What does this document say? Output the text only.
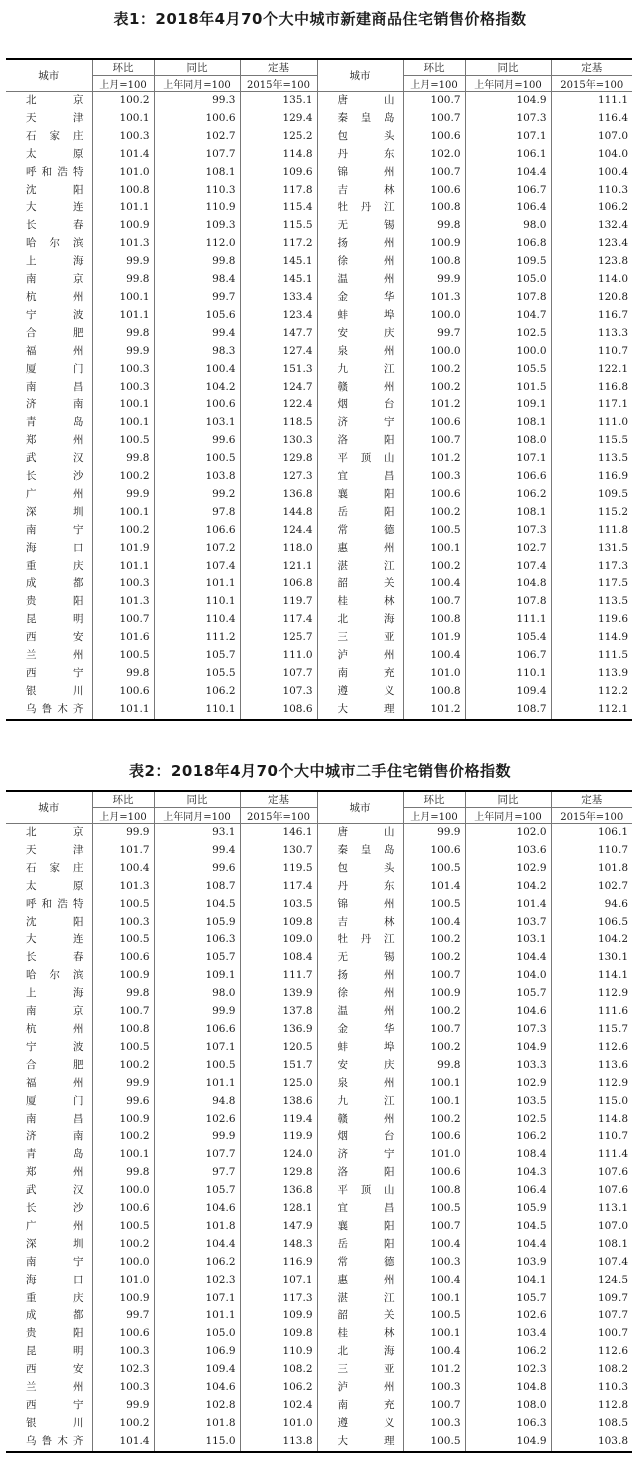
表1：2018年4月70个大中城市新建商品住宅销售价格指数
城市	环比	同比	定基	城市	环比	同比	定基
	上月=100	上年同月=100	2015年=100		上月=100	上年同月=100	2015年=100
北京	100.2	99.3	135.1	唐山	100.7	104.9	111.1
天津	100.1	100.6	129.4	秦皇岛	100.7	107.3	116.4
石家庄	100.3	102.7	125.2	包头	100.6	107.1	107.0
太原	101.4	107.7	114.8	丹东	102.0	106.1	104.0
呼和浩特	101.0	108.1	109.6	锦州	100.7	104.4	100.4
沈阳	100.8	110.3	117.8	吉林	100.6	106.7	110.3
大连	101.1	110.9	115.4	牡丹江	100.8	106.4	106.2
长春	100.9	109.3	115.5	无锡	99.8	98.0	132.4
哈尔滨	101.3	112.0	117.2	扬州	100.9	106.8	123.4
上海	99.9	99.8	145.1	徐州	100.8	109.5	123.8
南京	99.8	98.4	145.1	温州	99.9	105.0	114.0
杭州	100.1	99.7	133.4	金华	101.3	107.8	120.8
宁波	101.1	105.6	123.4	蚌埠	100.0	104.7	116.7
合肥	99.8	99.4	147.7	安庆	99.7	102.5	113.3
福州	99.9	98.3	127.4	泉州	100.0	100.0	110.7
厦门	100.3	100.4	151.3	九江	100.2	105.5	122.1
南昌	100.3	104.2	124.7	赣州	100.2	101.5	116.8
济南	100.1	100.6	122.4	烟台	101.2	109.1	117.1
青岛	100.1	103.1	118.5	济宁	100.6	108.1	111.0
郑州	100.5	99.6	130.3	洛阳	100.7	108.0	115.5
武汉	99.8	100.5	129.8	平顶山	101.2	107.1	113.5
长沙	100.2	103.8	127.3	宜昌	100.3	106.6	116.9
广州	99.9	99.2	136.8	襄阳	100.6	106.2	109.5
深圳	100.1	97.8	144.8	岳阳	100.2	108.1	115.2
南宁	100.2	106.6	124.4	常德	100.5	107.3	111.8
海口	101.9	107.2	118.0	惠州	100.1	102.7	131.5
重庆	101.1	107.4	121.1	湛江	100.2	107.4	117.3
成都	100.3	101.1	106.8	韶关	100.4	104.8	117.5
贵阳	101.3	110.1	119.7	桂林	100.7	107.8	113.5
昆明	100.7	110.4	117.4	北海	100.8	111.1	119.6
西安	101.6	111.2	125.7	三亚	101.9	105.4	114.9
兰州	100.5	105.7	111.0	泸州	100.4	106.7	111.5
西宁	99.8	105.5	107.7	南充	101.0	110.1	113.9
银川	100.6	106.2	107.3	遵义	100.8	109.4	112.2
乌鲁木齐	101.1	110.1	108.6	大理	101.2	108.7	112.1
表2：2018年4月70个大中城市二手住宅销售价格指数
城市	环比	同比	定基	城市	环比	同比	定基
	上月=100	上年同月=100	2015年=100		上月=100	上年同月=100	2015年=100
北京	99.9	93.1	146.1	唐山	99.9	102.0	106.1
天津	101.7	99.4	130.7	秦皇岛	100.6	103.6	110.7
石家庄	100.4	99.6	119.5	包头	100.5	102.9	101.8
太原	101.3	108.7	117.4	丹东	101.4	104.2	102.7
呼和浩特	100.5	104.5	103.5	锦州	100.5	101.4	94.6
沈阳	100.3	105.9	109.8	吉林	100.4	103.7	106.5
大连	100.5	106.3	109.0	牡丹江	100.2	103.1	104.2
长春	100.6	105.7	108.4	无锡	100.2	104.4	130.1
哈尔滨	100.9	109.1	111.7	扬州	100.7	104.0	114.1
上海	99.8	98.0	139.9	徐州	100.9	105.7	112.9
南京	100.7	99.9	137.8	温州	100.2	104.6	111.6
杭州	100.8	106.6	136.9	金华	100.7	107.3	115.7
宁波	100.5	107.1	120.5	蚌埠	100.2	104.9	112.6
合肥	100.2	100.5	151.7	安庆	99.8	103.3	113.6
福州	99.9	101.1	125.0	泉州	100.1	102.9	112.9
厦门	99.6	94.8	138.6	九江	100.1	103.5	115.0
南昌	100.9	102.6	119.4	赣州	100.2	102.5	114.8
济南	100.2	99.9	119.9	烟台	100.6	106.2	110.7
青岛	100.1	107.7	124.0	济宁	101.0	108.4	111.4
郑州	99.8	97.7	129.8	洛阳	100.6	104.3	107.6
武汉	100.0	105.7	136.8	平顶山	100.8	106.4	107.6
长沙	100.6	104.6	128.1	宜昌	100.5	105.9	113.1
广州	100.5	101.8	147.9	襄阳	100.7	104.5	107.0
深圳	100.2	104.4	148.3	岳阳	100.4	104.4	108.1
南宁	100.0	106.2	116.9	常德	100.3	103.9	107.4
海口	101.0	102.3	107.1	惠州	100.4	104.1	124.5
重庆	100.9	107.1	117.3	湛江	100.1	105.7	109.7
成都	99.7	101.1	109.9	韶关	100.5	102.6	107.7
贵阳	100.6	105.0	109.8	桂林	100.1	103.4	100.7
昆明	100.3	106.9	110.9	北海	100.4	106.2	112.6
西安	102.3	109.4	108.2	三亚	101.2	102.3	108.2
兰州	100.3	104.6	106.2	泸州	100.3	104.8	110.3
西宁	99.9	102.8	102.4	南充	100.7	108.0	112.8
银川	100.2	101.8	101.0	遵义	100.3	106.3	108.5
乌鲁木齐	101.4	115.0	113.8	大理	100.5	104.9	103.8
